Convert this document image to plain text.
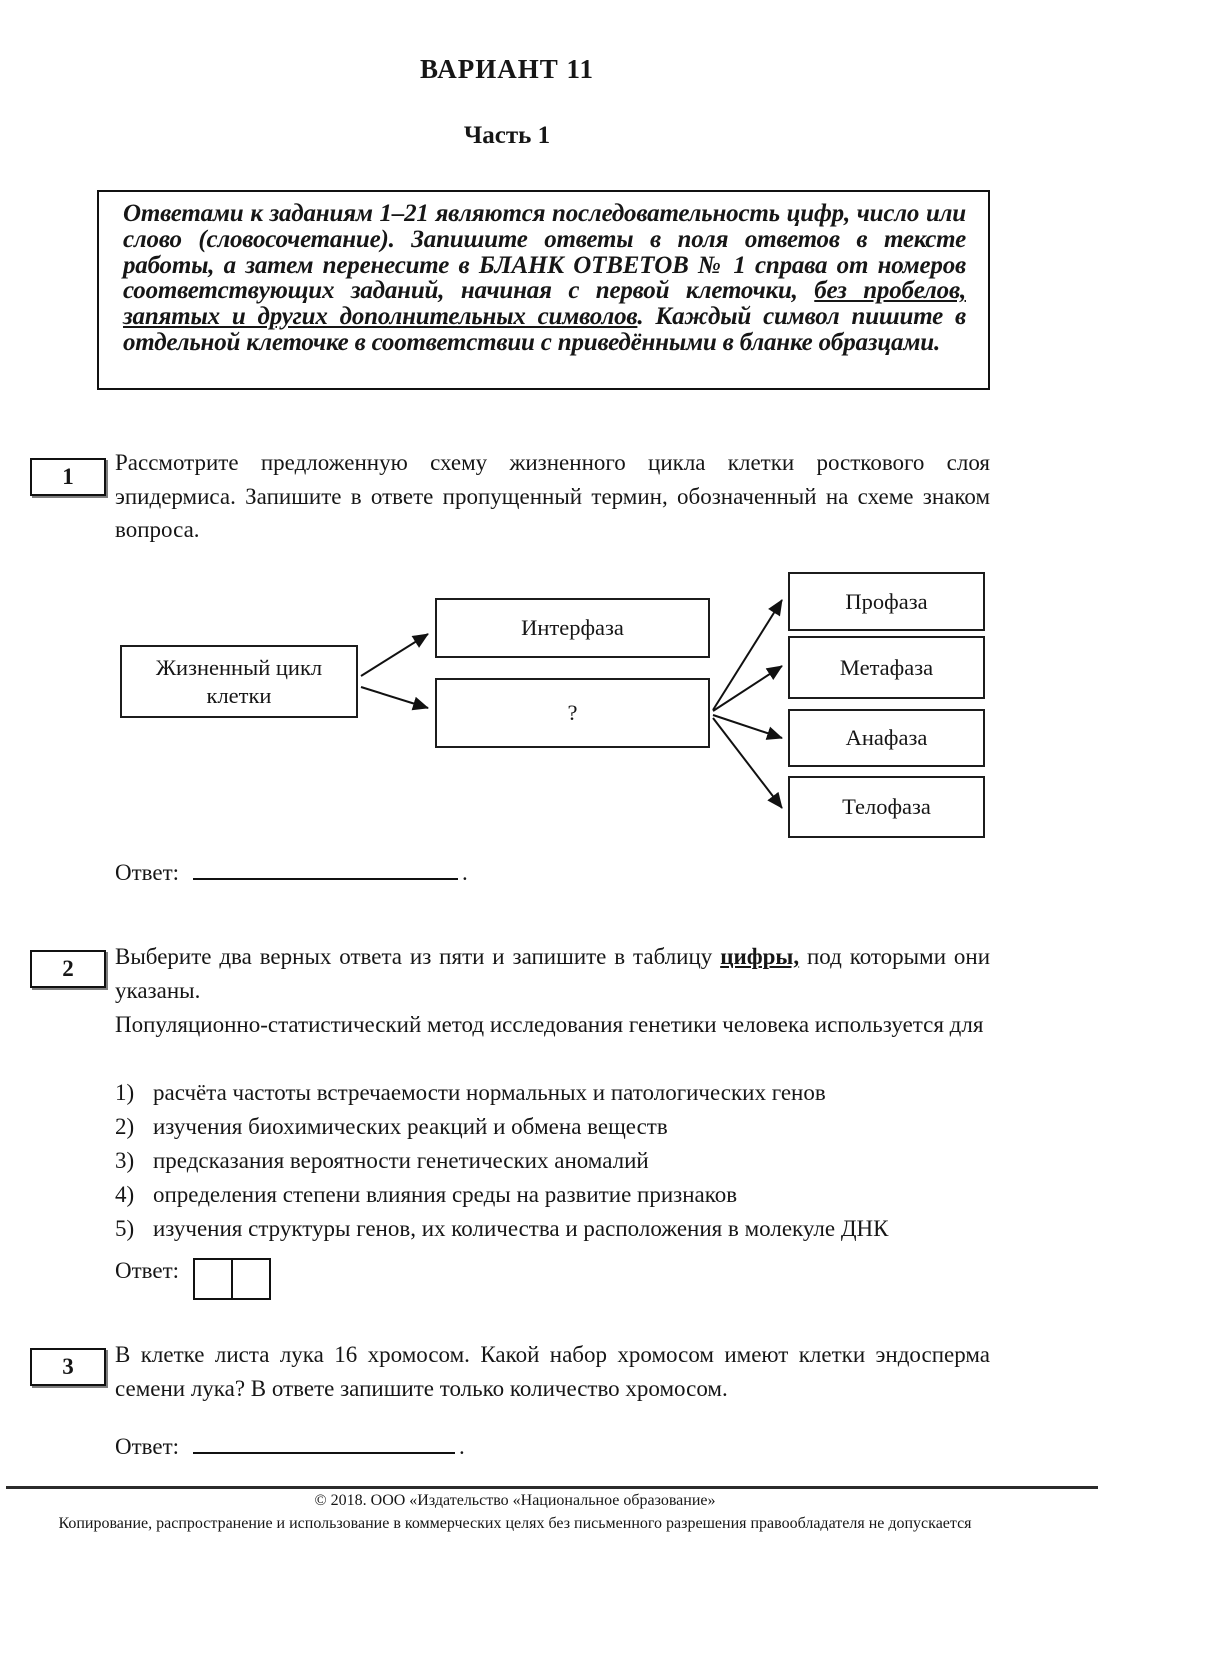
ВАРИАНТ 11
Часть 1
Ответами к заданиям 1–21 являются последовательность цифр, число или слово (словосочетание). Запишите ответы в поля ответов в тексте работы, а затем перенесите в БЛАНК ОТВЕТОВ № 1 справа от номеров соответствующих заданий, начиная с первой клеточки, без пробелов, запятых и других дополнительных символов. Каждый символ пишите в отдельной клеточке в соответствии с приведёнными в бланке образцами.
1
Рассмотрите предложенную схему жизненного цикла клетки росткового слоя эпидермиса. Запишите в ответе пропущенный термин, обозначенный на схеме знаком вопроса.
Жизненный цикл клетки
Интерфаза
?
Профаза
Метафаза
Анафаза
Телофаза
Ответ:	.
2	Выберите два верных ответа из пяти и запишите в таблицу цифры, под которыми они указаны.
Популяционно-статистический метод исследования генетики человека используется для
1) расчёта частоты встречаемости нормальных и патологических генов
2) изучения биохимических реакций и обмена веществ
3) предсказания вероятности генетических аномалий
4) определения степени влияния среды на развитие признаков
5) изучения структуры генов, их количества и расположения в молекуле ДНК
Ответ:
3	В клетке листа лука 16 хромосом. Какой набор хромосом имеют клетки эндосперма семени лука? В ответе запишите только количество хромосом.
Ответ:	.
© 2018. ООО «Издательство «Национальное образование»
Копирование, распространение и использование в коммерческих целях без письменного разрешения правообладателя не допускается
